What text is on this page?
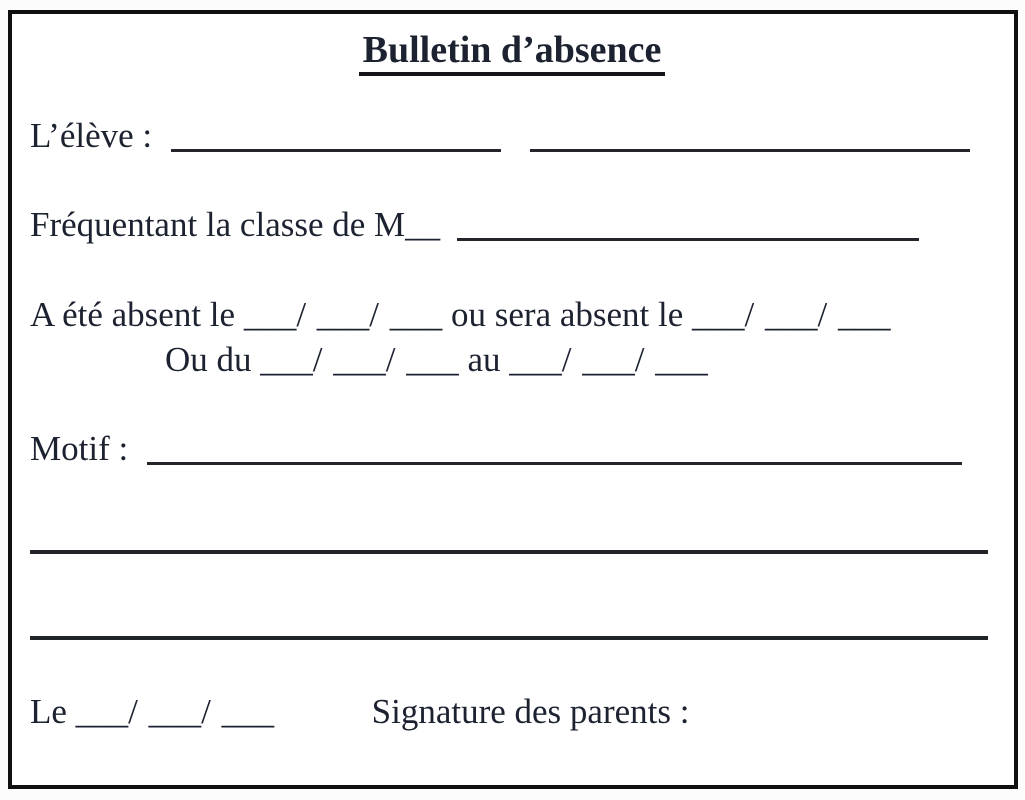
Bulletin d’absence
L’élève :
Fréquentant la classe de M__
A été absent le ___/ ___/ ___ ou sera absent le ___/ ___/ ___
Ou du ___/ ___/ ___ au ___/ ___/ ___
Motif :
Le ___/ ___/ ___	Signature des parents :
